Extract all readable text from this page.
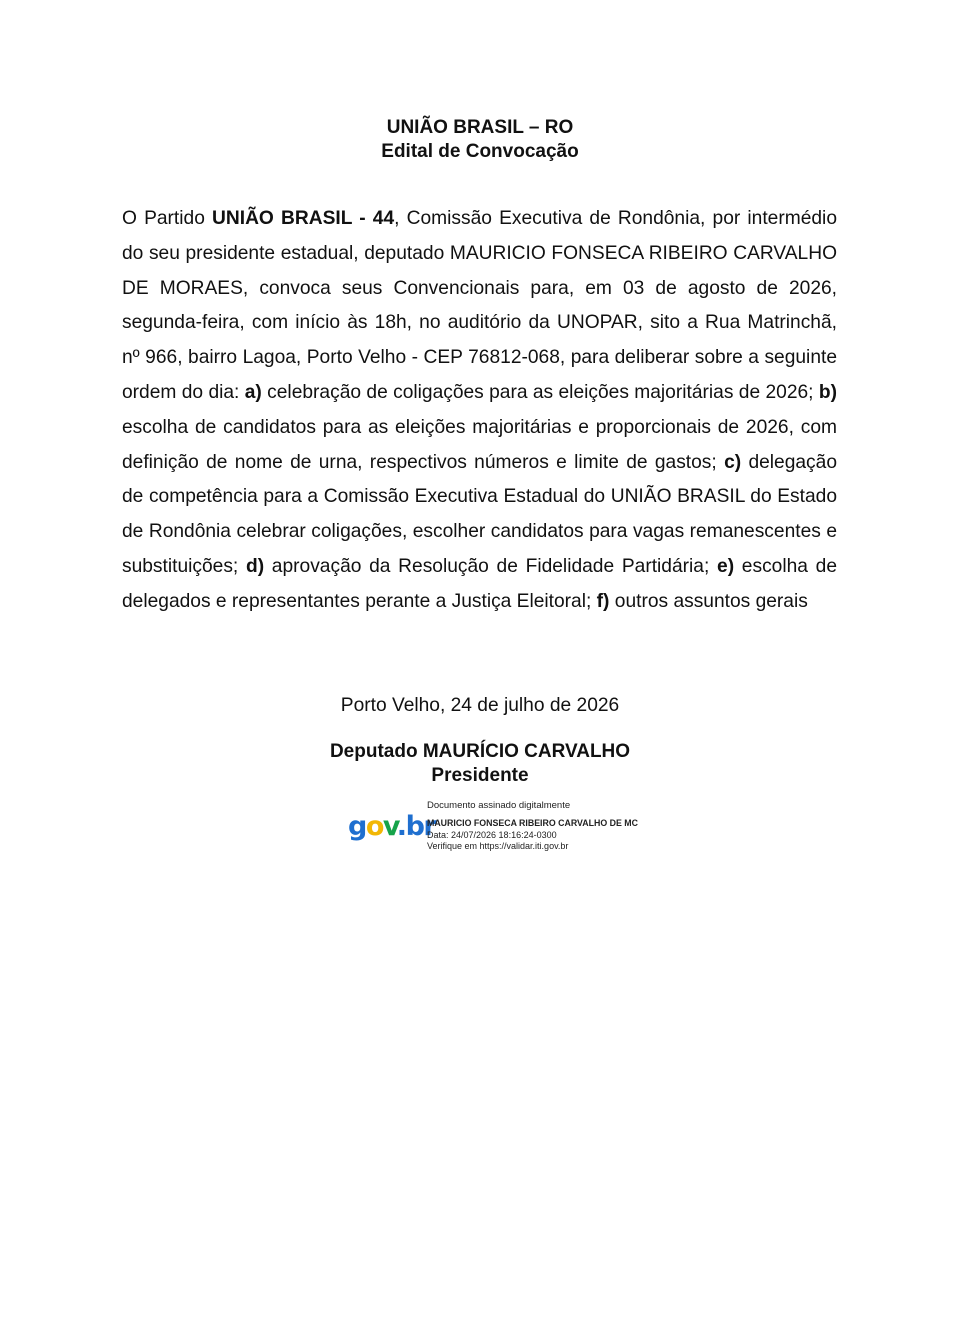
UNIÃO BRASIL – RO
Edital de Convocação
O Partido UNIÃO BRASIL - 44, Comissão Executiva de Rondônia, por intermédio do seu presidente estadual, deputado MAURICIO FONSECA RIBEIRO CARVALHO DE MORAES, convoca seus Convencionais para, em 03 de agosto de 2026, segunda-feira, com início às 18h, no auditório da UNOPAR, sito a Rua Matrinchã, nº 966, bairro Lagoa, Porto Velho - CEP 76812-068, para deliberar sobre a seguinte ordem do dia: a) celebração de coligações para as eleições majoritárias de 2026; b) escolha de candidatos para as eleições majoritárias e proporcionais de 2026, com definição de nome de urna, respectivos números e limite de gastos; c) delegação de competência para a Comissão Executiva Estadual do UNIÃO BRASIL do Estado de Rondônia celebrar coligações, escolher candidatos para vagas remanescentes e substituições; d) aprovação da Resolução de Fidelidade Partidária; e) escolha de delegados e representantes perante a Justiça Eleitoral; f) outros assuntos gerais
Porto Velho, 24 de julho de 2026
Deputado MAURÍCIO CARVALHO
Presidente
gov.br
Documento assinado digitalmente
MAURICIO FONSECA RIBEIRO CARVALHO DE MC
Data: 24/07/2026 18:16:24-0300
Verifique em https://validar.iti.gov.br
